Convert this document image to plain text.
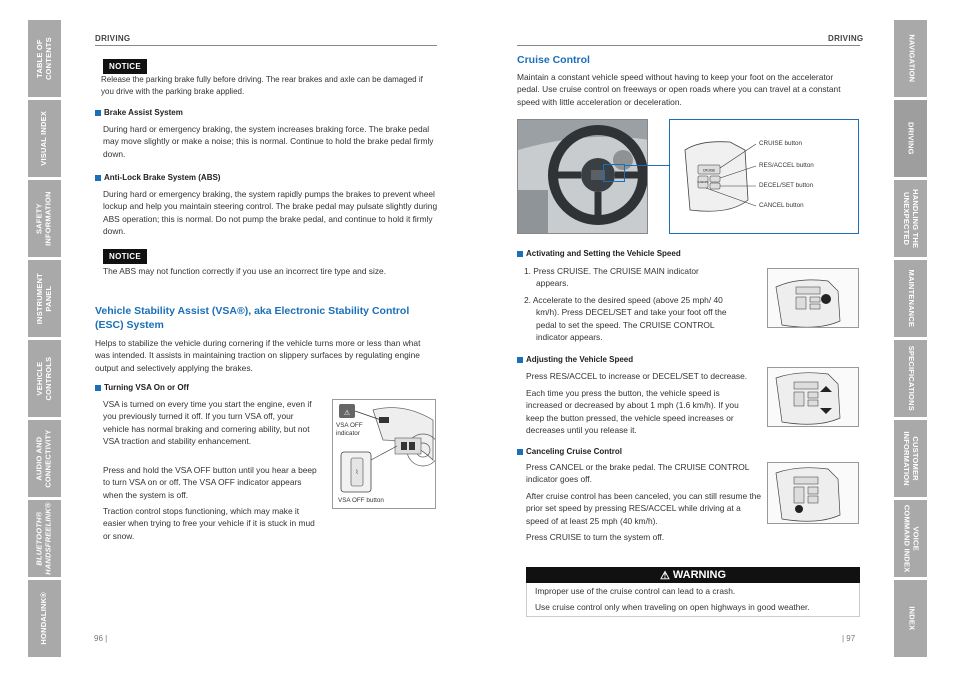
TABLE OF
CONTENTS
VISUAL INDEX
SAFETY
INFORMATION
INSTRUMENT
PANEL
VEHICLE
CONTROLS
AUDIO AND
CONNECTIVITY
BLUETOOTH®
HANDSFREELINK®
HONDALINK®
NAVIGATION
DRIVING
HANDLING THE
UNEXPECTED
MAINTENANCE
SPECIFICATIONS
CUSTOMER
INFORMATION
VOICE
COMMAND INDEX
INDEX
DRIVING
NOTICE
Release the parking brake fully before driving. The rear brakes and axle can be damaged if you drive with the parking brake applied.
Brake Assist System
During hard or emergency braking, the system increases braking force. The brake pedal may move slightly or make a noise; this is normal. Continue to hold the brake pedal firmly down.
Anti-Lock Brake System (ABS)
During hard or emergency braking, the system rapidly pumps the brakes to prevent wheel lockup and help you maintain steering control. The brake pedal may pulsate slightly during ABS operation; this is normal. Do not pump the brake pedal, and continue to hold it firmly down.
NOTICE
The ABS may not function correctly if you use an incorrect tire type and size.
Vehicle Stability Assist (VSA®), aka Electronic Stability Control (ESC) System
Helps to stabilize the vehicle during cornering if the vehicle turns more or less than what was intended. It assists in maintaining traction on slippery surfaces by regulating engine output and selectively applying the brakes.
Turning VSA On or Off
VSA is turned on every time you start the engine, even if you previously turned it off. If you turn VSA off, your vehicle has normal braking and cornering ability, but not VSA traction and stability enhancement.
Press and hold the VSA OFF button until you hear a beep to turn VSA on or off. The VSA OFF indicator appears when the system is off.
Traction control stops functioning, which may make it easier when trying to free your vehicle if it is stuck in mud or snow.
⚠
⌇
VSA OFF
indicator
VSA OFF button
96 |
DRIVING
Cruise Control
Maintain a constant vehicle speed without having to keep your foot on the accelerator pedal. Use cruise control on freeways or open roads where you can travel at a constant speed with little acceleration or deceleration.
CRUISE
CANCEL
CRUISE button
RES/ACCEL button
DECEL/SET button
CANCEL button
Activating and Setting the Vehicle Speed
1. Press CRUISE. The CRUISE MAIN indicator appears.
2. Accelerate to the desired speed (above 25 mph/ 40 km/h). Press DECEL/SET and take your foot off the pedal to set the speed. The CRUISE CONTROL indicator appears.
Adjusting the Vehicle Speed
Press RES/ACCEL to increase or DECEL/SET to decrease.
Each time you press the button, the vehicle speed is increased or decreased by about 1 mph (1.6 km/h). If you keep the button pressed, the vehicle speed increases or decreases until you release it.
Canceling Cruise Control
Press CANCEL or the brake pedal. The CRUISE CONTROL indicator goes off.
After cruise control has been canceled, you can still resume the prior set speed by pressing RES/ACCEL while driving at a speed of at least 25 mph (40 km/h).
Press CRUISE to turn the system off.
⚠ WARNING
Improper use of the cruise control can lead to a crash.
Use cruise control only when traveling on open highways in good weather.
| 97
